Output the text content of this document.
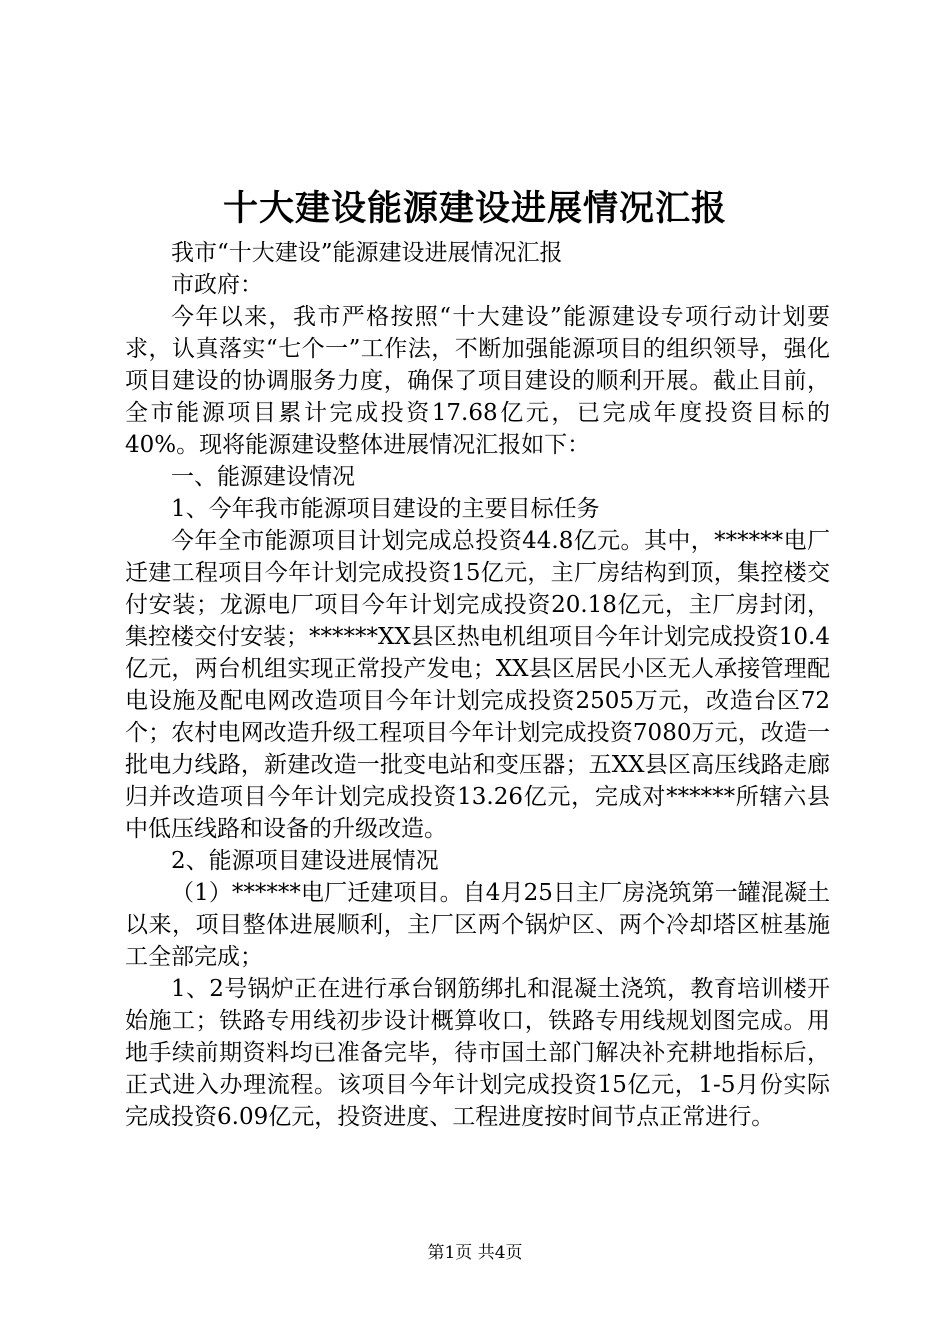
十大建设能源建设进展情况汇报

我市“十大建设”能源建设进展情况汇报

市政府：

今年以来，我市严格按照“十大建设”能源建设专项行动计划要求，认真落实“七个一”工作法，不断加强能源项目的组织领导，强化项目建设的协调服务力度，确保了项目建设的顺利开展。截止目前，全市能源项目累计完成投资17.68亿元，已完成年度投资目标的40%。现将能源建设整体进展情况汇报如下：

一、能源建设情况

1、今年我市能源项目建设的主要目标任务

今年全市能源项目计划完成总投资44.8亿元。其中，******电厂迁建工程项目今年计划完成投资15亿元，主厂房结构到顶，集控楼交付安装；龙源电厂项目今年计划完成投资20.18亿元，主厂房封闭，集控楼交付安装；******XX县区热电机组项目今年计划完成投资10.4亿元，两台机组实现正常投产发电；XX县区居民小区无人承接管理配电设施及配电网改造项目今年计划完成投资2505万元，改造台区72个；农村电网改造升级工程项目今年计划完成投资7080万元，改造一批电力线路，新建改造一批变电站和变压器；五XX县区高压线路走廊归并改造项目今年计划完成投资13.26亿元，完成对******所辖六县中低压线路和设备的升级改造。

2、能源项目建设进展情况

（1）******电厂迁建项目。自4月25日主厂房浇筑第一罐混凝土以来，项目整体进展顺利，主厂区两个锅炉区、两个冷却塔区桩基施工全部完成；

1、2号锅炉正在进行承台钢筋绑扎和混凝土浇筑，教育培训楼开始施工；铁路专用线初步设计概算收口，铁路专用线规划图完成。用地手续前期资料均已准备完毕，待市国土部门解决补充耕地指标后，正式进入办理流程。该项目今年计划完成投资15亿元，1-5月份实际完成投资6.09亿元，投资进度、工程进度按时间节点正常进行。

第1页 共4页
